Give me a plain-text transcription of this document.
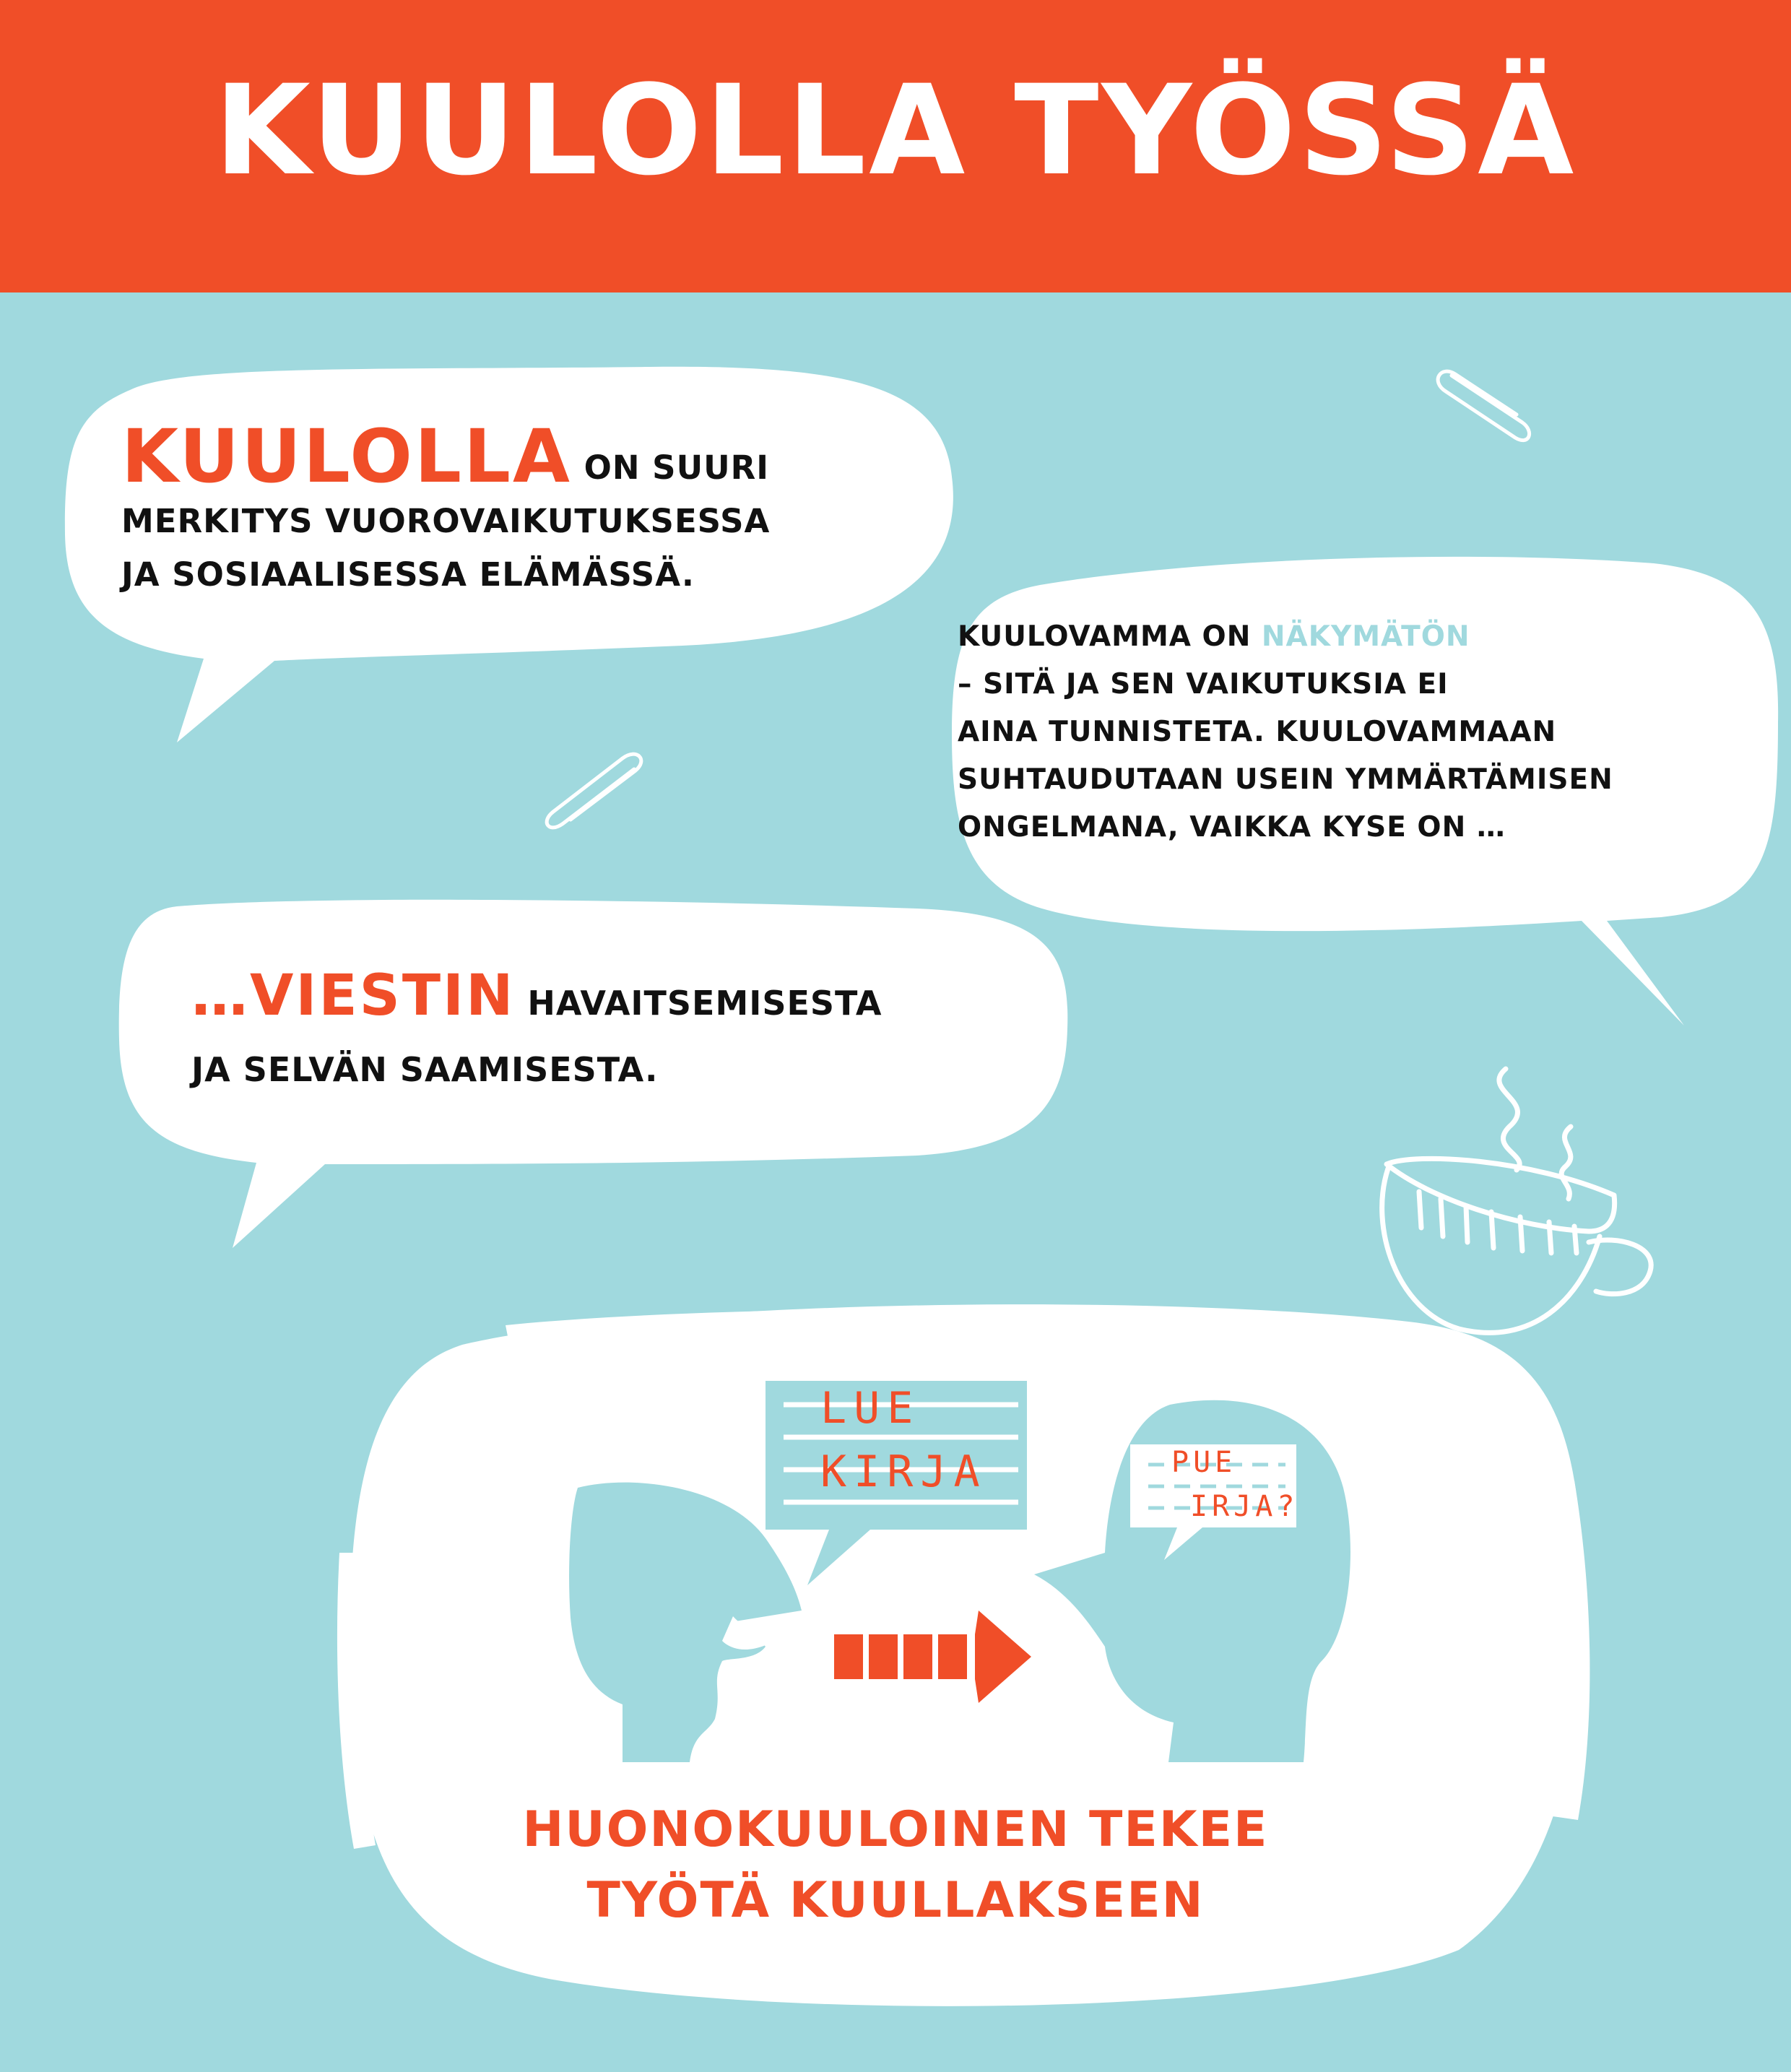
KUULOLLA TYÖSSÄ
KUULOLLA ON SUURI
MERKITYS VUOROVAIKUTUKSESSA
JA SOSIAALISESSA ELÄMÄSSÄ.
KUULOVAMMA ON NÄKYMÄTÖN
– SITÄ JA SEN VAIKUTUKSIA EI
AINA TUNNISTETA. KUULOVAMMAAN
SUHTAUDUTAAN USEIN YMMÄRTÄMISEN
ONGELMANA, VAIKKA KYSE ON …
…VIESTIN HAVAITSEMISESTA
JA SELVÄN SAAMISESTA.
LUE
KIRJA	PUE
IRJA?
HUONOKUULOINEN TEKEE
TYÖTÄ KUULLAKSEEN
